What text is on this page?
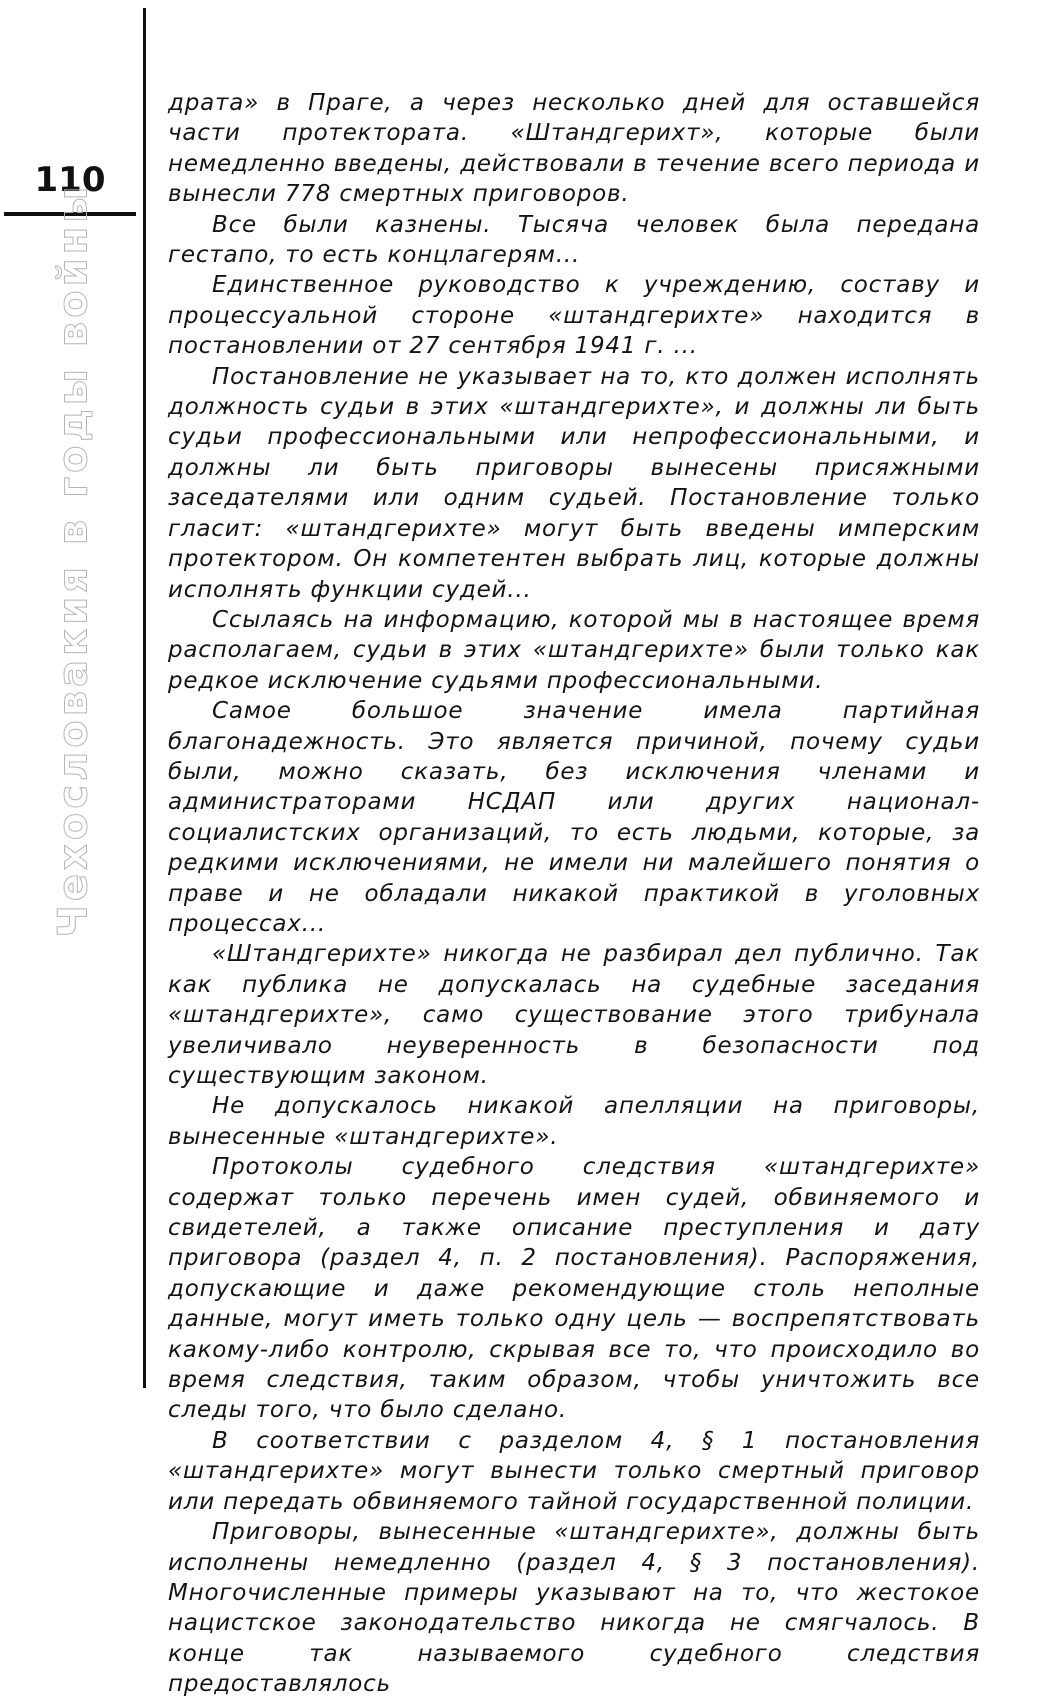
110
Чехословакия в годы войны

драта» в Праге, а через несколько дней для оставшейся части протектората. «Штандгерихт», которые были немедленно введены, действовали в течение всего периода и вынесли 778 смертных приговоров.

Все были казнены. Тысяча человек была передана гестапо, то есть концлагерям...

Единственное руководство к учреждению, составу и процессуальной стороне «штандгерихте» находится в постановлении от 27 сентября 1941 г. ...

Постановление не указывает на то, кто должен исполнять должность судьи в этих «штандгерихте», и должны ли быть судьи профессиональными или непрофессиональными, и должны ли быть приговоры вынесены присяжными заседателями или одним судьей. Постановление только гласит: «штандгерихте» могут быть введены имперским протектором. Он компетентен выбрать лиц, которые должны исполнять функции судей...

Ссылаясь на информацию, которой мы в настоящее время располагаем, судьи в этих «штандгерихте» были только как редкое исключение судьями профессиональными.

Самое большое значение имела партийная благонадежность. Это является причиной, почему судьи были, можно сказать, без исключения членами и администраторами НСДАП или других национал-социалистских организаций, то есть людьми, которые, за редкими исключениями, не имели ни малейшего понятия о праве и не обладали никакой практикой в уголовных процессах...

«Штандгерихте» никогда не разбирал дел публично. Так как публика не допускалась на судебные заседания «штандгерихте», само существование этого трибунала увеличивало неуверенность в безопасности под существующим законом.

Не допускалось никакой апелляции на приговоры, вынесенные «штандгерихте».

Протоколы судебного следствия «штандгерихте» содержат только перечень имен судей, обвиняемого и свидетелей, а также описание преступления и дату приговора (раздел 4, п. 2 постановления). Распоряжения, допускающие и даже рекомендующие столь неполные данные, могут иметь только одну цель — воспрепятствовать какому-либо контролю, скрывая все то, что происходило во время следствия, таким образом, чтобы уничтожить все следы того, что было сделано.

В соответствии с разделом 4, § 1 постановления «штандгерихте» могут вынести только смертный приговор или передать обвиняемого тайной государственной полиции.

Приговоры, вынесенные «штандгерихте», должны быть исполнены немедленно (раздел 4, § 3 постановления). Многочисленные примеры указывают на то, что жестокое нацистское законодательство никогда не смягчалось. В конце так называемого судебного следствия предоставлялось
